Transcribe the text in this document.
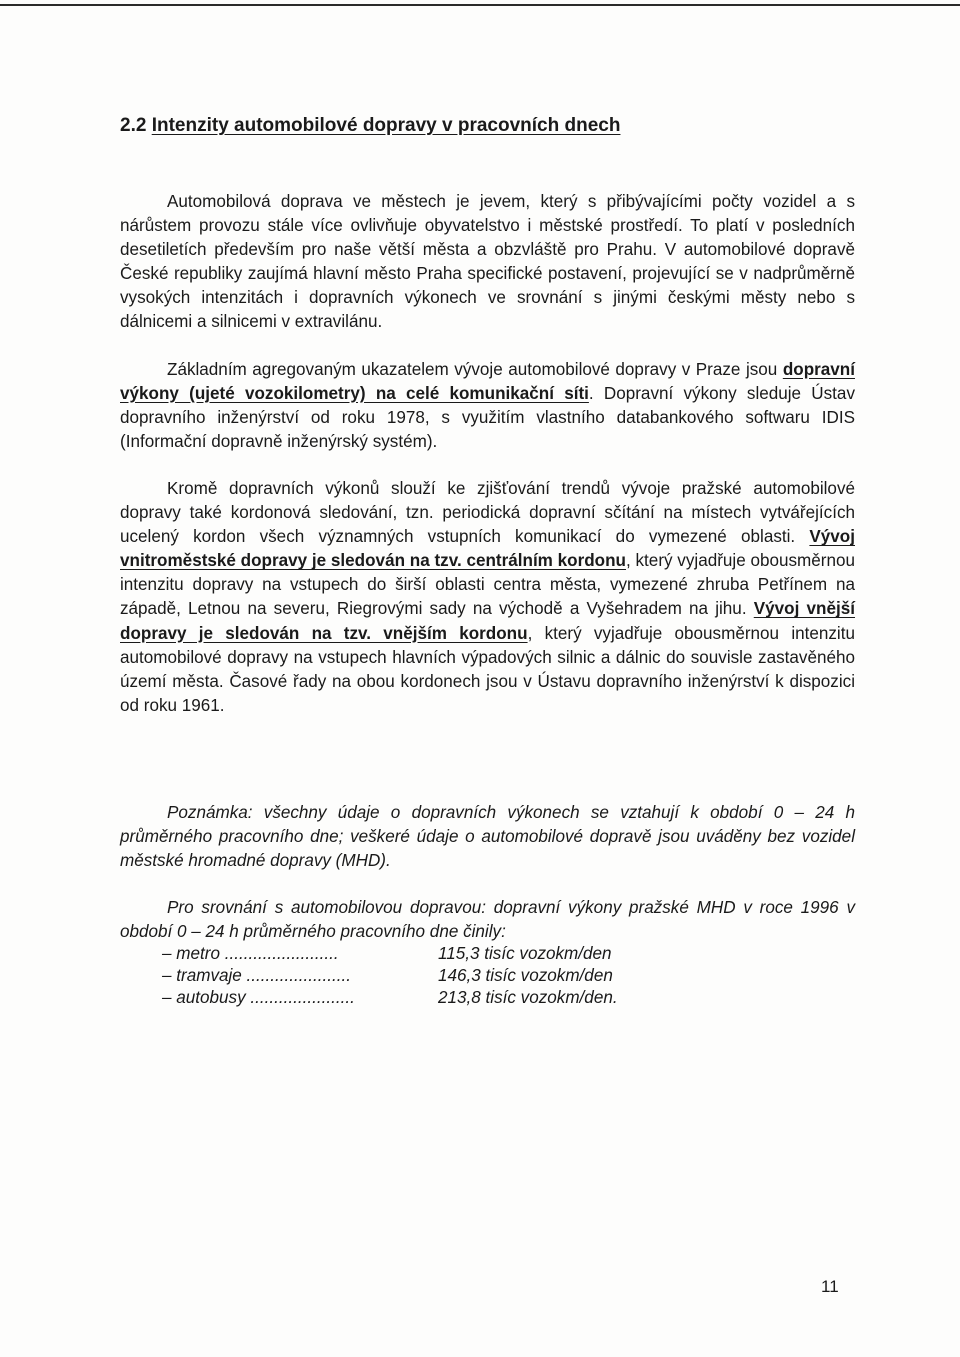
2.2 Intenzity automobilové dopravy v pracovních dnech

Automobilová doprava ve městech je jevem, který s přibývajícími počty vozidel a s nárůstem provozu stále více ovlivňuje obyvatelstvo i městské prostředí. To platí v posledních desetiletích především pro naše větší města a obzvláště pro Prahu. V automobilové dopravě České republiky zaujímá hlavní město Praha specifické postavení, projevující se v nadprůměrně vysokých intenzitách i dopravních výkonech ve srovnání s jinými českými městy nebo s dálnicemi a silnicemi v extravilánu.

Základním agregovaným ukazatelem vývoje automobilové dopravy v Praze jsou dopravní výkony (ujeté vozokilometry) na celé komunikační síti. Dopravní výkony sleduje Ústav dopravního inženýrství od roku 1978, s využitím vlastního databankového softwaru IDIS (Informační dopravně inženýrský systém).

Kromě dopravních výkonů slouží ke zjišťování trendů vývoje pražské automobilové dopravy také kordonová sledování, tzn. periodická dopravní sčítání na místech vytvářejících ucelený kordon všech významných vstupních komunikací do vymezené oblasti. Vývoj vnitroměstské dopravy je sledován na tzv. centrálním kordonu, který vyjadřuje obousměrnou intenzitu dopravy na vstupech do širší oblasti centra města, vymezené zhruba Petřínem na západě, Letnou na severu, Riegrovými sady na východě a Vyšehradem na jihu. Vývoj vnější dopravy je sledován na tzv. vnějším kordonu, který vyjadřuje obousměrnou intenzitu automobilové dopravy na vstupech hlavních výpadových silnic a dálnic do souvisle zastavěného území města. Časové řady na obou kordonech jsou v Ústavu dopravního inženýrství k dispozici od roku 1961.

Poznámka: všechny údaje o dopravních výkonech se vztahují k období 0 – 24 h průměrného pracovního dne; veškeré údaje o automobilové dopravě jsou uváděny bez vozidel městské hromadné dopravy (MHD).

Pro srovnání s automobilovou dopravou: dopravní výkony pražské MHD v roce 1996 v období 0 – 24 h průměrného pracovního dne činily:

– metro ........................	115,3 tisíc vozokm/den
– tramvaje ......................	146,3 tisíc vozokm/den
– autobusy ......................	213,8 tisíc vozokm/den.
11
